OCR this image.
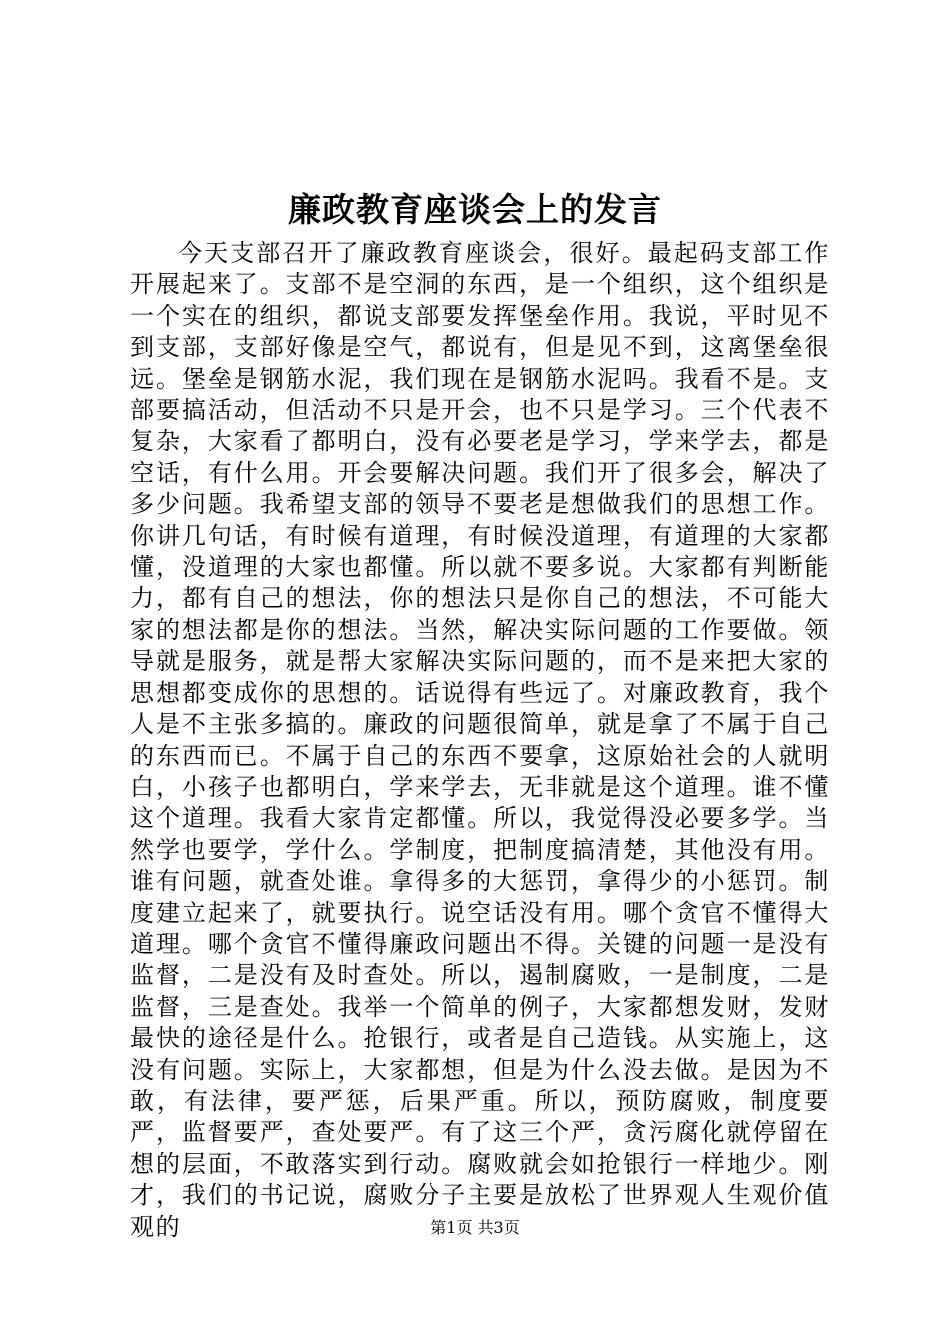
廉政教育座谈会上的发言

今天支部召开了廉政教育座谈会，很好。最起码支部工作开展起来了。支部不是空洞的东西，是一个组织，这个组织是一个实在的组织，都说支部要发挥堡垒作用。我说，平时见不到支部，支部好像是空气，都说有，但是见不到，这离堡垒很远。堡垒是钢筋水泥，我们现在是钢筋水泥吗。我看不是。支部要搞活动，但活动不只是开会，也不只是学习。三个代表不复杂，大家看了都明白，没有必要老是学习，学来学去，都是空话，有什么用。开会要解决问题。我们开了很多会，解决了多少问题。我希望支部的领导不要老是想做我们的思想工作。你讲几句话，有时候有道理，有时候没道理，有道理的大家都懂，没道理的大家也都懂。所以就不要多说。大家都有判断能力，都有自己的想法，你的想法只是你自己的想法，不可能大家的想法都是你的想法。当然，解决实际问题的工作要做。领导就是服务，就是帮大家解决实际问题的，而不是来把大家的思想都变成你的思想的。话说得有些远了。对廉政教育，我个人是不主张多搞的。廉政的问题很简单，就是拿了不属于自己的东西而已。不属于自己的东西不要拿，这原始社会的人就明白，小孩子也都明白，学来学去，无非就是这个道理。谁不懂这个道理。我看大家肯定都懂。所以，我觉得没必要多学。当然学也要学，学什么。学制度，把制度搞清楚，其他没有用。谁有问题，就查处谁。拿得多的大惩罚，拿得少的小惩罚。制度建立起来了，就要执行。说空话没有用。哪个贪官不懂得大道理。哪个贪官不懂得廉政问题出不得。关键的问题一是没有监督，二是没有及时查处。所以，遏制腐败，一是制度，二是监督，三是查处。我举一个简单的例子，大家都想发财，发财最快的途径是什么。抢银行，或者是自己造钱。从实施上，这没有问题。实际上，大家都想，但是为什么没去做。是因为不敢，有法律，要严惩，后果严重。所以，预防腐败，制度要严，监督要严，查处要严。有了这三个严，贪污腐化就停留在想的层面，不敢落实到行动。腐败就会如抢银行一样地少。刚才，我们的书记说，腐败分子主要是放松了世界观人生观价值观的	第1页 共3页
